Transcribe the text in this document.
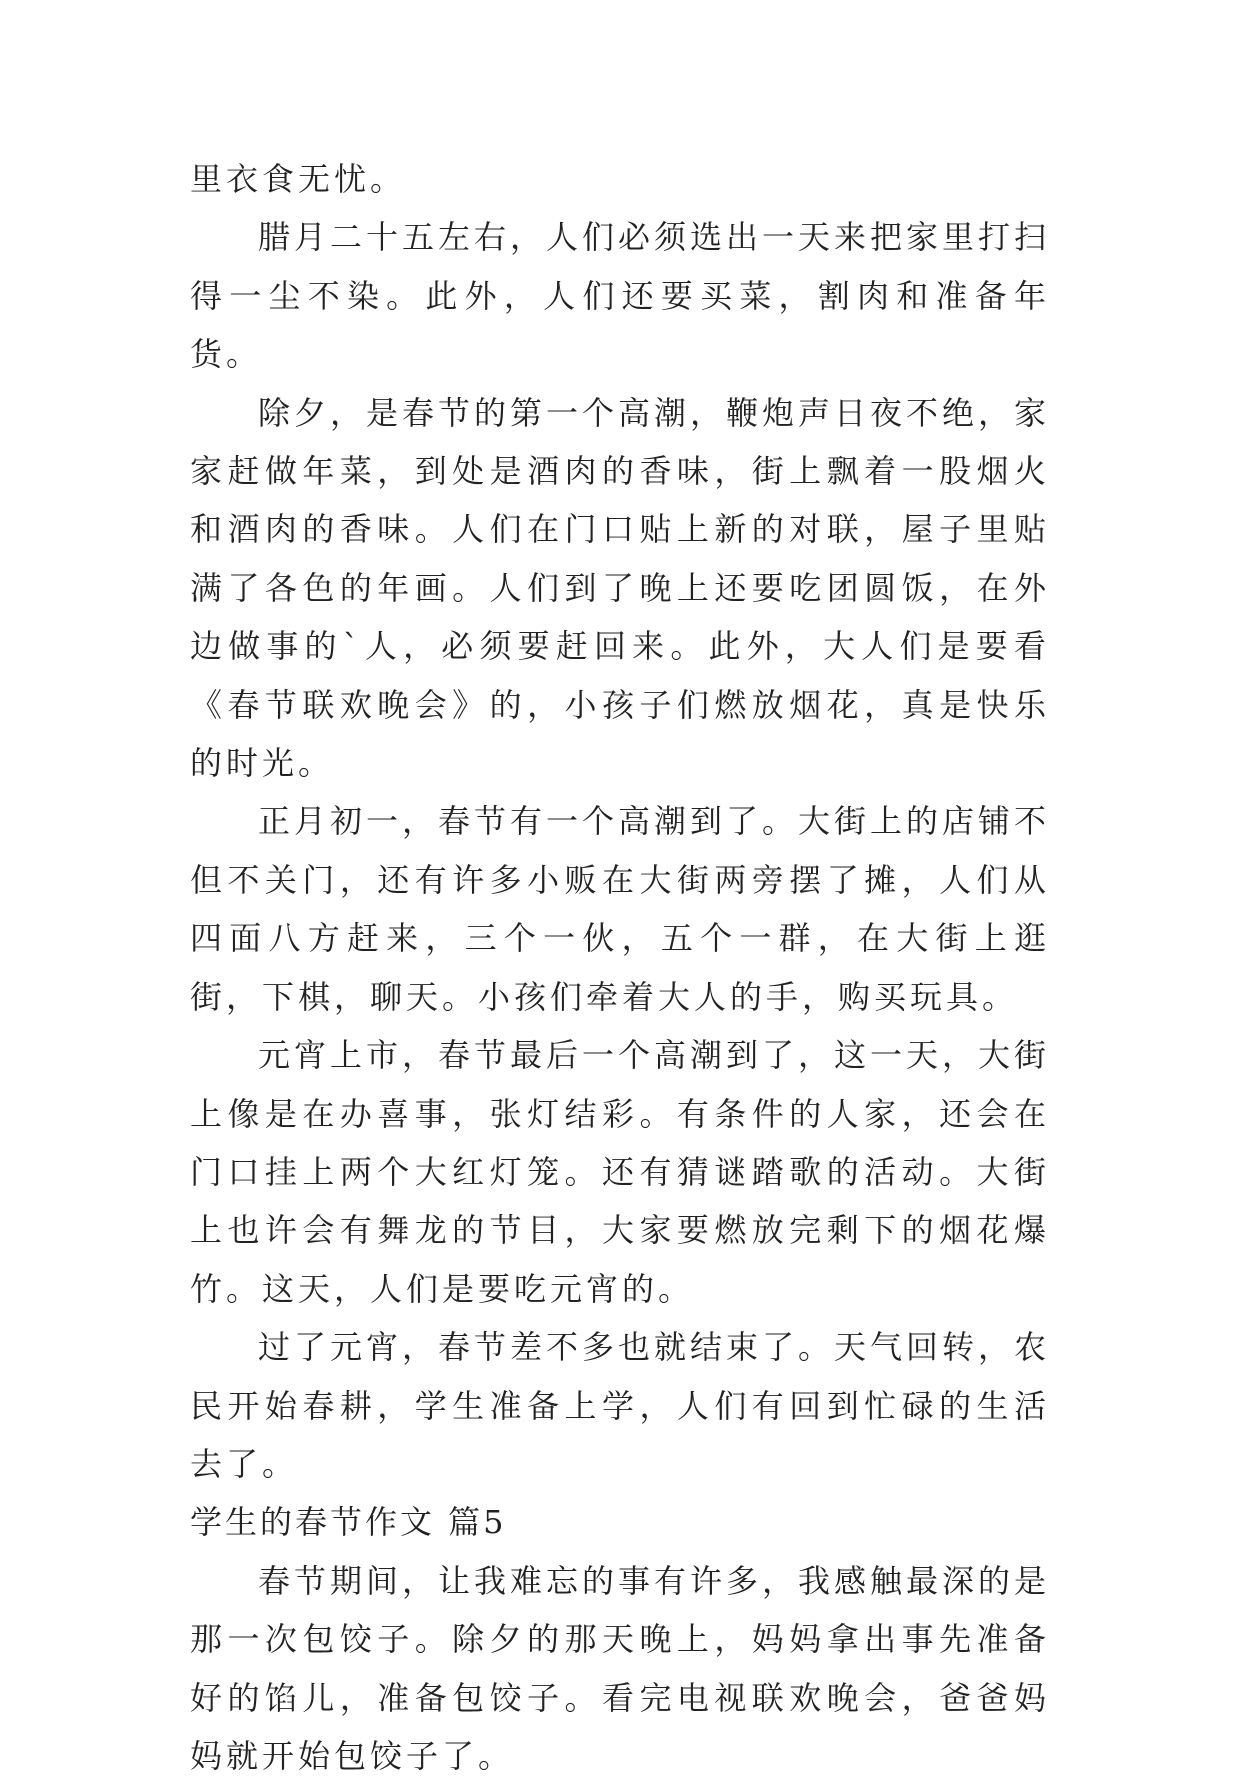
里衣食无忧。

腊月二十五左右，人们必须选出一天来把家里打扫得一尘不染。此外，人们还要买菜，割肉和准备年货。

除夕，是春节的第一个高潮，鞭炮声日夜不绝，家家赶做年菜，到处是酒肉的香味，街上飘着一股烟火和酒肉的香味。人们在门口贴上新的对联，屋子里贴满了各色的年画。人们到了晚上还要吃团圆饭，在外边做事的`人，必须要赶回来。此外，大人们是要看《春节联欢晚会》的，小孩子们燃放烟花，真是快乐的时光。

正月初一，春节有一个高潮到了。大街上的店铺不但不关门，还有许多小贩在大街两旁摆了摊，人们从四面八方赶来，三个一伙，五个一群，在大街上逛街，下棋，聊天。小孩们牵着大人的手，购买玩具。

元宵上市，春节最后一个高潮到了，这一天，大街上像是在办喜事，张灯结彩。有条件的人家，还会在门口挂上两个大红灯笼。还有猜谜踏歌的活动。大街上也许会有舞龙的节目，大家要燃放完剩下的烟花爆竹。这天，人们是要吃元宵的。

过了元宵，春节差不多也就结束了。天气回转，农民开始春耕，学生准备上学，人们有回到忙碌的生活去了。

学生的春节作文 篇5

春节期间，让我难忘的事有许多，我感触最深的是那一次包饺子。除夕的那天晚上，妈妈拿出事先准备好的馅儿，准备包饺子。看完电视联欢晚会，爸爸妈妈就开始包饺子了。
